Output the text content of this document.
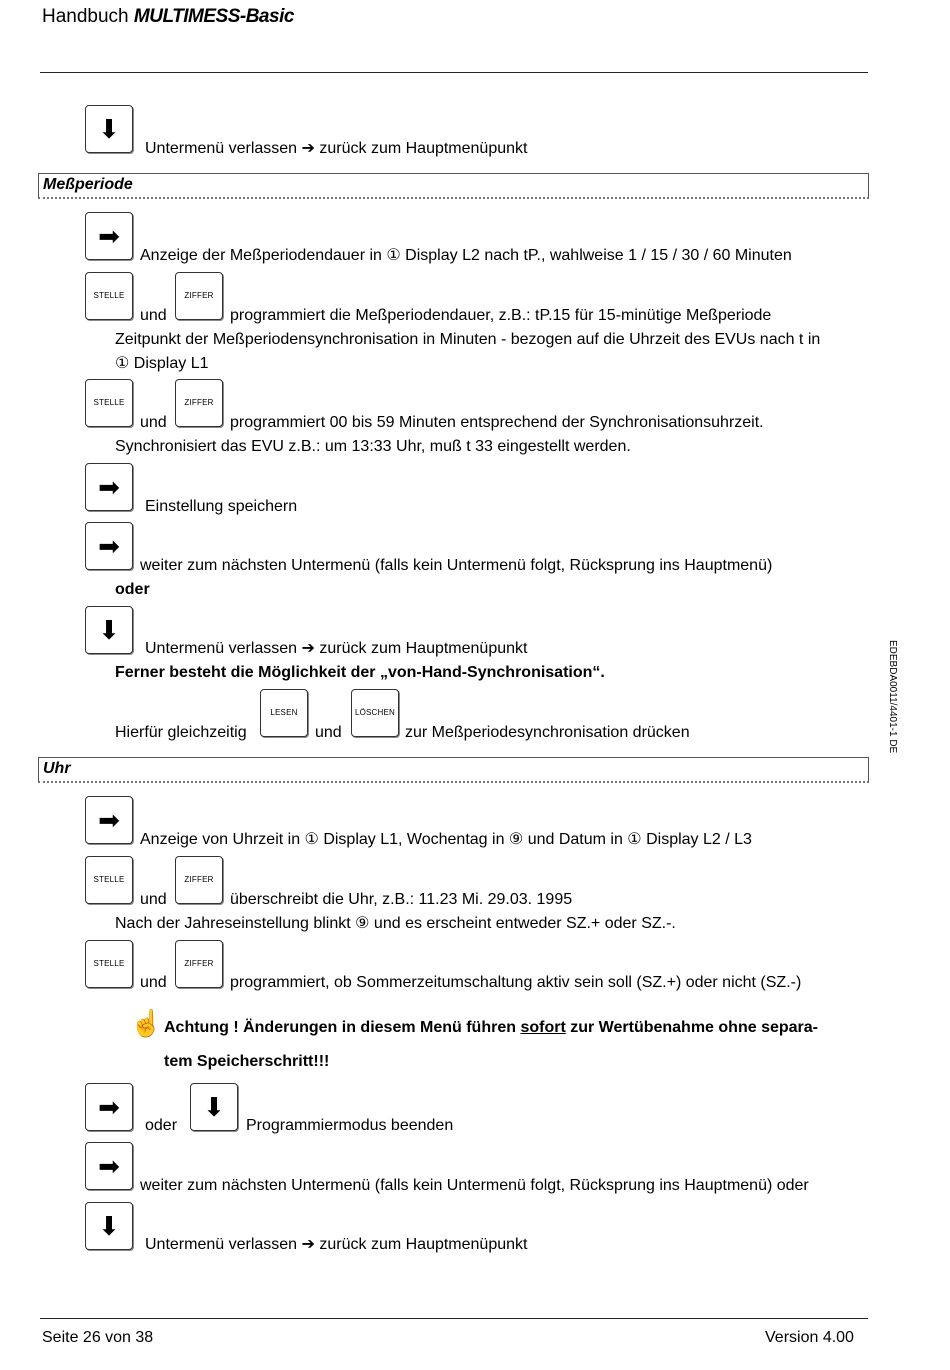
Handbuch MULTIMESS-Basic
⬇
Untermenü verlassen ➔ zurück zum Hauptmenüpunkt
Meßperiode
➡
Anzeige der Meßperiodendauer in ① Display L2 nach tP., wahlweise 1 / 15 / 30 / 60 Minuten
STELLE
und
ZIFFER
programmiert die Meßperiodendauer, z.B.: tP.15 für 15-minütige Meßperiode
Zeitpunkt der Meßperiodensynchronisation in Minuten - bezogen auf die Uhrzeit des EVUs nach t in
① Display L1
STELLE
und
ZIFFER
programmiert 00 bis 59 Minuten entsprechend der Synchronisationsuhrzeit.
Synchronisiert das EVU z.B.: um 13:33 Uhr, muß t 33 eingestellt werden.
➡
Einstellung speichern
➡
weiter zum nächsten Untermenü (falls kein Untermenü folgt, Rücksprung ins Hauptmenü)
oder
⬇
Untermenü verlassen ➔ zurück zum Hauptmenüpunkt
Ferner besteht die Möglichkeit der „von-Hand-Synchronisation“.
Hierfür gleichzeitig
LESEN
und
LÖSCHEN
zur Meßperiodesynchronisation drücken
Uhr
➡
Anzeige von Uhrzeit in ① Display L1, Wochentag in ⑨ und Datum in ① Display L2 / L3
STELLE
und
ZIFFER
überschreibt die Uhr, z.B.: 11.23 Mi. 29.03. 1995
Nach der Jahreseinstellung blinkt ⑨ und es erscheint entweder SZ.+ oder SZ.-.
STELLE
und
ZIFFER
programmiert, ob Sommerzeitumschaltung aktiv sein soll (SZ.+) oder nicht (SZ.-)
☝ Achtung ! Änderungen in diesem Menü führen sofort zur Wertübenahme ohne separa-
tem Speicherschritt!!!
➡
oder
⬇
Programmiermodus beenden
➡
weiter zum nächsten Untermenü (falls kein Untermenü folgt, Rücksprung ins Hauptmenü) oder
⬇
Untermenü verlassen ➔ zurück zum Hauptmenüpunkt
EDEBDA0011/4401-1 DE
Seite 26 von 38	Version 4.00
